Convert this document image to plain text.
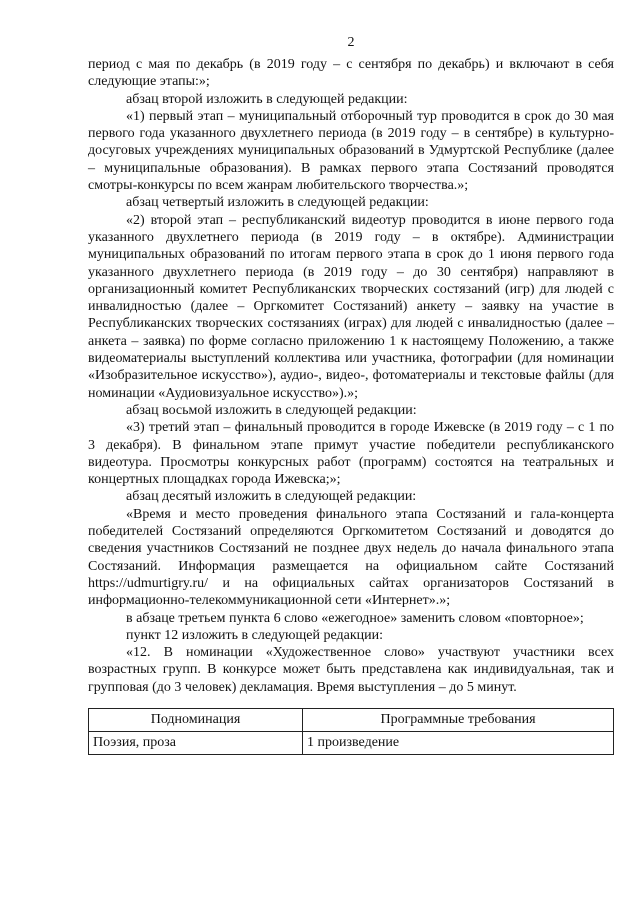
2

период с мая по декабрь (в 2019 году – с сентября по декабрь) и включают в себя следующие этапы:»;

абзац второй изложить в следующей редакции:

«1) первый этап – муниципальный отборочный тур проводится в срок до 30 мая первого года указанного двухлетнего периода (в 2019 году – в сентябре) в культурно-досуговых учреждениях муниципальных образований в Удмуртской Республике (далее – муниципальные образования). В рамках первого этапа Состязаний проводятся смотры-конкурсы по всем жанрам любительского творчества.»;

абзац четвертый изложить в следующей редакции:

«2) второй этап – республиканский видеотур проводится в июне первого года указанного двухлетнего периода (в 2019 году – в октябре). Администрации муниципальных образований по итогам первого этапа в срок до 1 июня первого года указанного двухлетнего периода (в 2019 году – до 30 сентября) направляют в организационный комитет Республиканских творческих состязаний (игр) для людей с инвалидностью (далее – Оргкомитет Состязаний) анкету – заявку на участие в Республиканских творческих состязаниях (играх) для людей с инвалидностью (далее – анкета – заявка) по форме согласно приложению 1 к настоящему Положению, а также видеоматериалы выступлений коллектива или участника, фотографии (для номинации «Изобразительное искусство»), аудио-, видео-, фотоматериалы и текстовые файлы (для номинации «Аудиовизуальное искусство»).»;

абзац восьмой изложить в следующей редакции:

«3) третий этап – финальный проводится в городе Ижевске (в 2019 году – с 1 по 3 декабря). В финальном этапе примут участие победители республиканского видеотура. Просмотры конкурсных работ (программ) состоятся на театральных и концертных площадках города Ижевска;»;

абзац десятый изложить в следующей редакции:

«Время и место проведения финального этапа Состязаний и гала-концерта победителей Состязаний определяются Оргкомитетом Состязаний и доводятся до сведения участников Состязаний не позднее двух недель до начала финального этапа Состязаний. Информация размещается на официальном сайте Состязаний https://udmurtigry.ru/ и на официальных сайтах организаторов Состязаний в информационно-телекоммуникационной сети «Интернет».»;

в абзаце третьем пункта 6 слово «ежегодное» заменить словом «повторное»;

пункт 12 изложить в следующей редакции:

«12. В номинации «Художественное слово» участвуют участники всех возрастных групп. В конкурсе может быть представлена как индивидуальная, так и групповая (до 3 человек) декламация. Время выступления – до 5 минут.

Подноминация	Программные требования
Поэзия, проза	1 произведение
